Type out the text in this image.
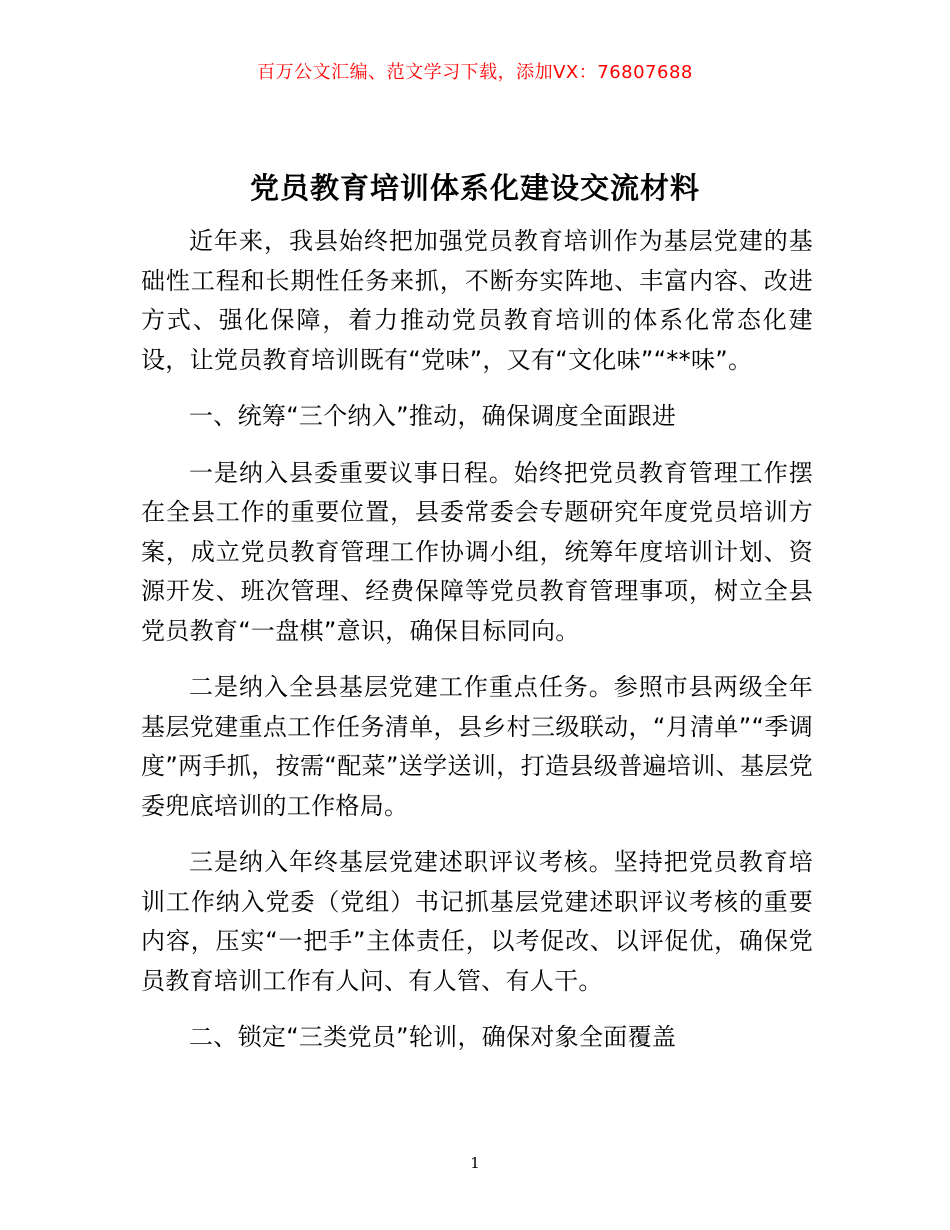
百万公文汇编、范文学习下载，添加VX：76807688
党员教育培训体系化建设交流材料

近年来，我县始终把加强党员教育培训作为基层党建的基础性工程和长期性任务来抓，不断夯实阵地、丰富内容、改进方式、强化保障，着力推动党员教育培训的体系化常态化建设，让党员教育培训既有“党味”，又有“文化味”“**味”。

一、统筹“三个纳入”推动，确保调度全面跟进

一是纳入县委重要议事日程。始终把党员教育管理工作摆在全县工作的重要位置，县委常委会专题研究年度党员培训方案，成立党员教育管理工作协调小组，统筹年度培训计划、资源开发、班次管理、经费保障等党员教育管理事项，树立全县党员教育“一盘棋”意识，确保目标同向。

二是纳入全县基层党建工作重点任务。参照市县两级全年基层党建重点工作任务清单，县乡村三级联动，“月清单”“季调度”两手抓，按需“配菜”送学送训，打造县级普遍培训、基层党委兜底培训的工作格局。

三是纳入年终基层党建述职评议考核。坚持把党员教育培训工作纳入党委（党组）书记抓基层党建述职评议考核的重要内容，压实“一把手”主体责任，以考促改、以评促优，确保党员教育培训工作有人问、有人管、有人干。

二、锁定“三类党员”轮训，确保对象全面覆盖

1
